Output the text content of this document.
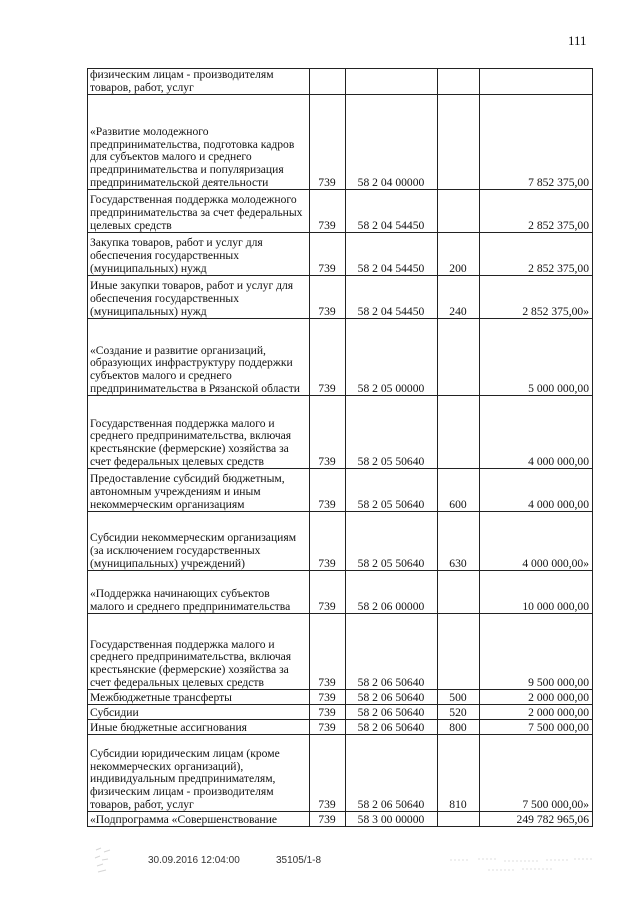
111
физическим лицам - производителям товаров, работ, услуг				
«Развитие молодежного предпринимательства, подготовка кадров для субъектов малого и среднего предпринимательства и популяризация предпринимательской деятельности	739	58 2 04 00000		7 852 375,00
Государственная поддержка молодежного предпринимательства за счет федеральных целевых средств	739	58 2 04 54450		2 852 375,00
Закупка товаров, работ и услуг для обеспечения государственных (муниципальных) нужд	739	58 2 04 54450	200	2 852 375,00
Иные закупки товаров, работ и услуг для обеспечения государственных (муниципальных) нужд	739	58 2 04 54450	240	2 852 375,00»
«Создание и развитие организаций, образующих инфраструктуру поддержки субъектов малого и среднего предпринимательства в Рязанской области	739	58 2 05 00000		5 000 000,00
Государственная поддержка малого и среднего предпринимательства, включая крестьянские (фермерские) хозяйства за счет федеральных целевых средств	739	58 2 05 50640		4 000 000,00
Предоставление субсидий бюджетным, автономным учреждениям и иным некоммерческим организациям	739	58 2 05 50640	600	4 000 000,00
Субсидии некоммерческим организациям (за исключением государственных (муниципальных) учреждений)	739	58 2 05 50640	630	4 000 000,00»
«Поддержка начинающих субъектов малого и среднего предпринимательства	739	58 2 06 00000		10 000 000,00
Государственная поддержка малого и среднего предпринимательства, включая крестьянские (фермерские) хозяйства за счет федеральных целевых средств	739	58 2 06 50640		9 500 000,00
Межбюджетные трансферты	739	58 2 06 50640	500	2 000 000,00
Субсидии	739	58 2 06 50640	520	2 000 000,00
Иные бюджетные ассигнования	739	58 2 06 50640	800	7 500 000,00
Субсидии юридическим лицам (кроме некоммерческих организаций), индивидуальным предпринимателям, физическим лицам - производителям товаров, работ, услуг	739	58 2 06 50640	810	7 500 000,00»
«Подпрограмма «Совершенствование	739	58 3 00 00000		249 782 965,06
30.09.2016 12:04:00	35105/1-8
